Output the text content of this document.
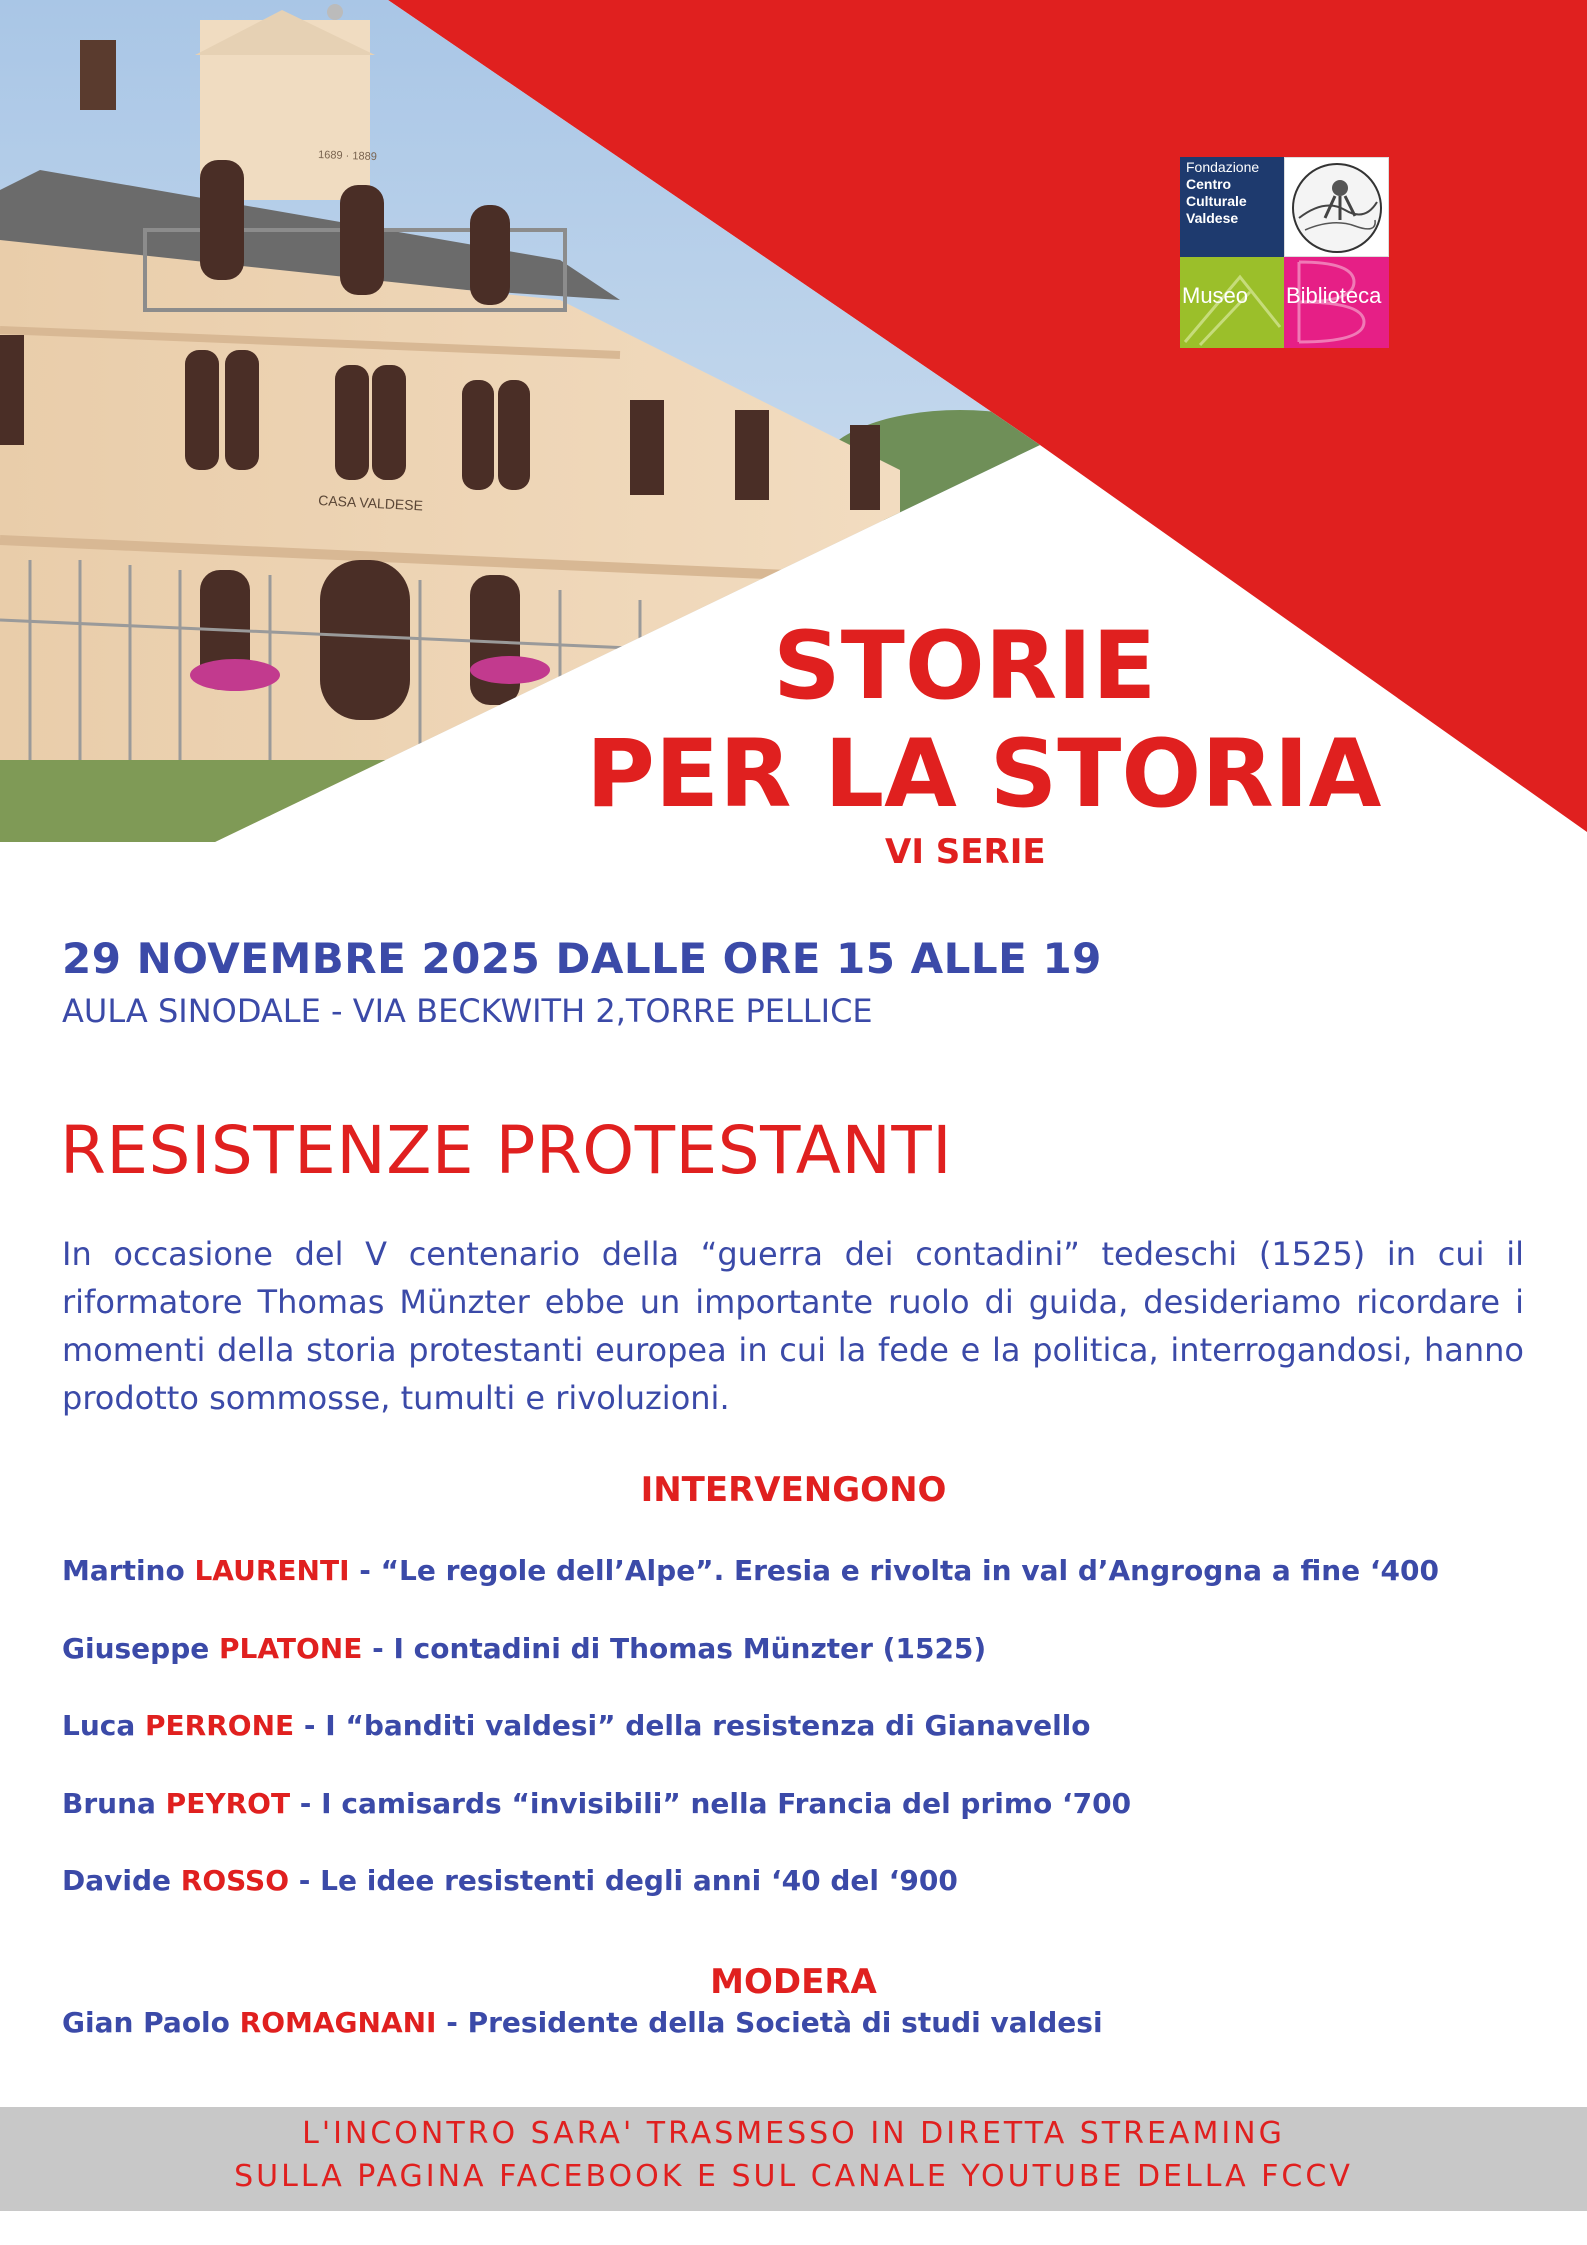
CASA VALDESE
1689 · 1889
Fondazione
Centro
Culturale
Valdese
Museo Biblioteca
STORIE
PER LA STORIA
VI SERIE
29 NOVEMBRE 2025 DALLE ORE 15 ALLE 19
AULA SINODALE - VIA BECKWITH 2,TORRE PELLICE
RESISTENZE PROTESTANTI

In occasione del V centenario della “guerra dei contadini” tedeschi (1525) in cui il riformatore Thomas Münzter ebbe un importante ruolo di guida, desideriamo ricordare i momenti della storia protestanti europea in cui la fede e la politica, interrogandosi, hanno prodotto sommosse, tumulti e rivoluzioni.

INTERVENGONO
Martino LAURENTI - “Le regole dell’Alpe”. Eresia e rivolta in val d’Angrogna a fine ‘400
Giuseppe PLATONE - I contadini di Thomas Münzter (1525)
Luca PERRONE - I “banditi valdesi” della resistenza di Gianavello
Bruna PEYROT - I camisards “invisibili” nella Francia del primo ‘700
Davide ROSSO - Le idee resistenti degli anni ‘40 del ‘900
MODERA
Gian Paolo ROMAGNANI - Presidente della Società di studi valdesi
L'INCONTRO SARA' TRASMESSO IN DIRETTA STREAMING
SULLA PAGINA FACEBOOK E SUL CANALE YOUTUBE DELLA FCCV
